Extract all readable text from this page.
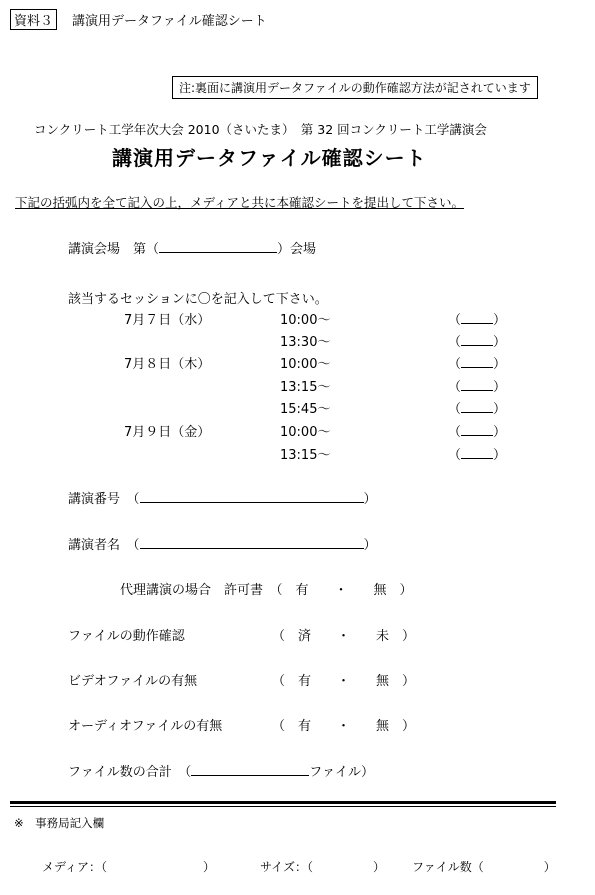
資料３	講演用データファイル確認シート
注:裏面に講演用データファイルの動作確認方法が記されています
コンクリート工学年次大会 2010（さいたま）　第 32 回コンクリート工学講演会
講演用データファイル確認シート
下記の括弧内を全て記入の上，メディアと共に本確認シートを提出して下さい。
講演会場　第（	）会場
該当するセッションに〇を記入して下さい。
7月７日（水）	10:00～	（ ）
13:30～	（ ）
7月８日（木）	10:00～	（ ）
13:15～	（ ）
15:45～	（ ）
7月９日（金）	10:00～	（ ）
13:15～	（ ）
講演番号　（	）
講演者名　（	）
代理講演の場合　許可書　（　有　　・　　無　）
ファイルの動作確認	（　済　　・　　未　）
ビデオファイルの有無	（　有　　・　　無　）
オーディオファイルの有無	（　有　　・　　無　）
ファイル数の合計　（	ファイル）
※　事務局記入欄
メディア：（　　　　　　　　）	サイズ：（　　　　　） ファイル数（　　　　　）
